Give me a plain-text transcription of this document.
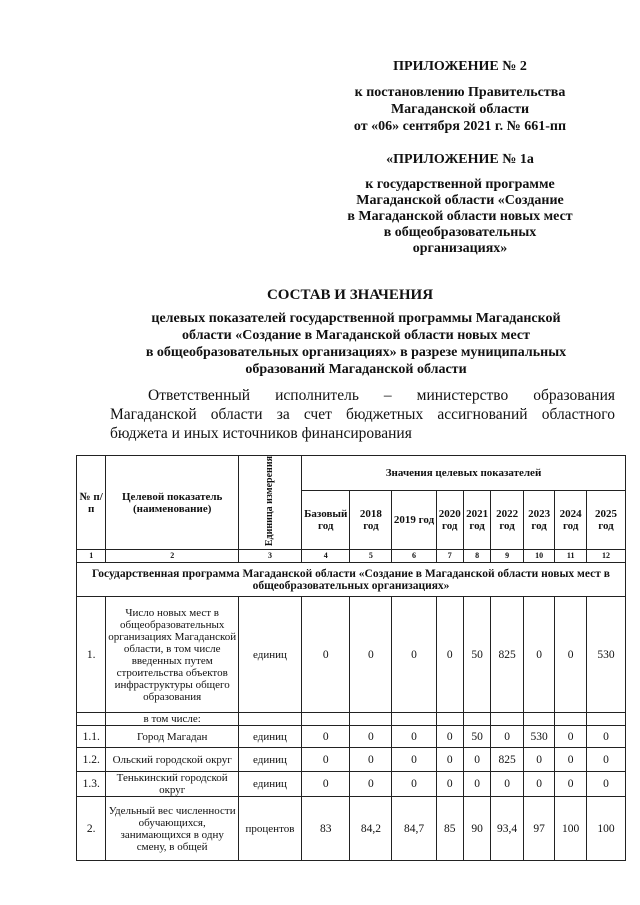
ПРИЛОЖЕНИЕ № 2
к постановлению Правительства
Магаданской области
от «06» сентября 2021 г. № 661-пп
«ПРИЛОЖЕНИЕ № 1а
к государственной программе
Магаданской области «Создание
в Магаданской области новых мест
в общеобразовательных
организациях»
СОСТАВ И ЗНАЧЕНИЯ
целевых показателей государственной программы Магаданской
области «Создание в Магаданской области новых мест
в общеобразовательных организациях» в разрезе муниципальных
образований Магаданской области
Ответственный исполнитель – министерство образования Магаданской области за счет бюджетных ассигнований областного бюджета и иных источников финансирования
№ п/п	Целевой показатель (наименование)	Единица измерения	Значения целевых показателей								
			Базовый год	2018 год	2019 год	2020 год	2021 год	2022 год	2023 год	2024 год	2025 год
1	2	3	4	5	6	7	8	9	10	11	12
Государственная программа Магаданской области «Создание в Магаданской области новых мест в общеобразовательных организациях»											
1.	Число новых мест в общеобразовательных организациях Магаданской области, в том числе введенных путем строительства объектов инфраструктуры общего образования	единиц	0	0	0	0	50	825	0	0	530
	в том числе:										
1.1.	Город Магадан	единиц	0	0	0	0	50	0	530	0	0
1.2.	Ольский городской округ	единиц	0	0	0	0	0	825	0	0	0
1.3.	Тенькинский городской округ	единиц	0	0	0	0	0	0	0	0	0
2.	Удельный вес численности обучающихся, занимающихся в одну смену, в общей	процентов	83	84,2	84,7	85	90	93,4	97	100	100
